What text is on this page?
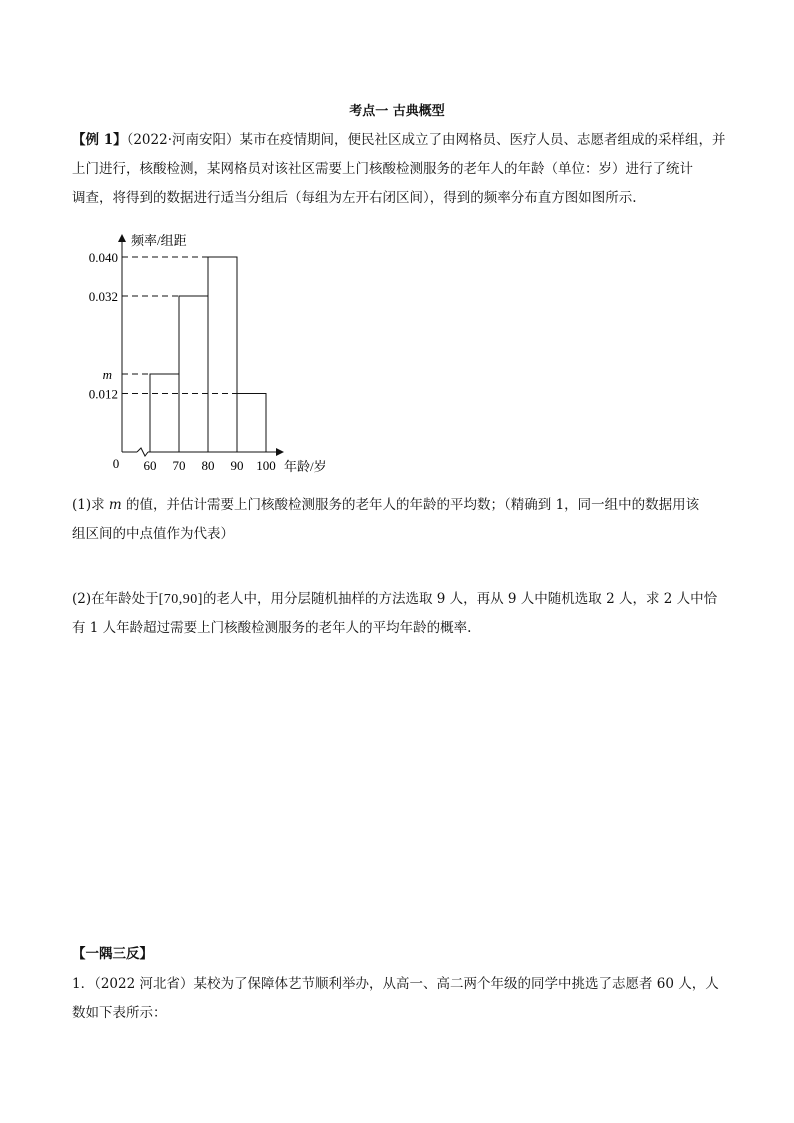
考点一 古典概型
【例 1】（2022·河南安阳）某市在疫情期间，便民社区成立了由网格员、医疗人员、志愿者组成的采样组，并
上门进行，核酸检测，某网格员对该社区需要上门核酸检测服务的老年人的年龄（单位：岁）进行了统计
调查，将得到的数据进行适当分组后（每组为左开右闭区间），得到的频率分布直方图如图所示.
频率/组距
年龄/岁
0 60 70 80 90 100
0.040
0.032
m
0.012
(1)求 m 的值，并估计需要上门核酸检测服务的老年人的年龄的平均数；（精确到 1，同一组中的数据用该
组区间的中点值作为代表）
(2)在年龄处于[70,90]的老人中，用分层随机抽样的方法选取 9 人，再从 9 人中随机选取 2 人，求 2 人中恰
有 1 人年龄超过需要上门核酸检测服务的老年人的平均年龄的概率.
【一隅三反】
1．（2022 河北省）某校为了保障体艺节顺利举办，从高一、高二两个年级的同学中挑选了志愿者 60 人，人
数如下表所示：
